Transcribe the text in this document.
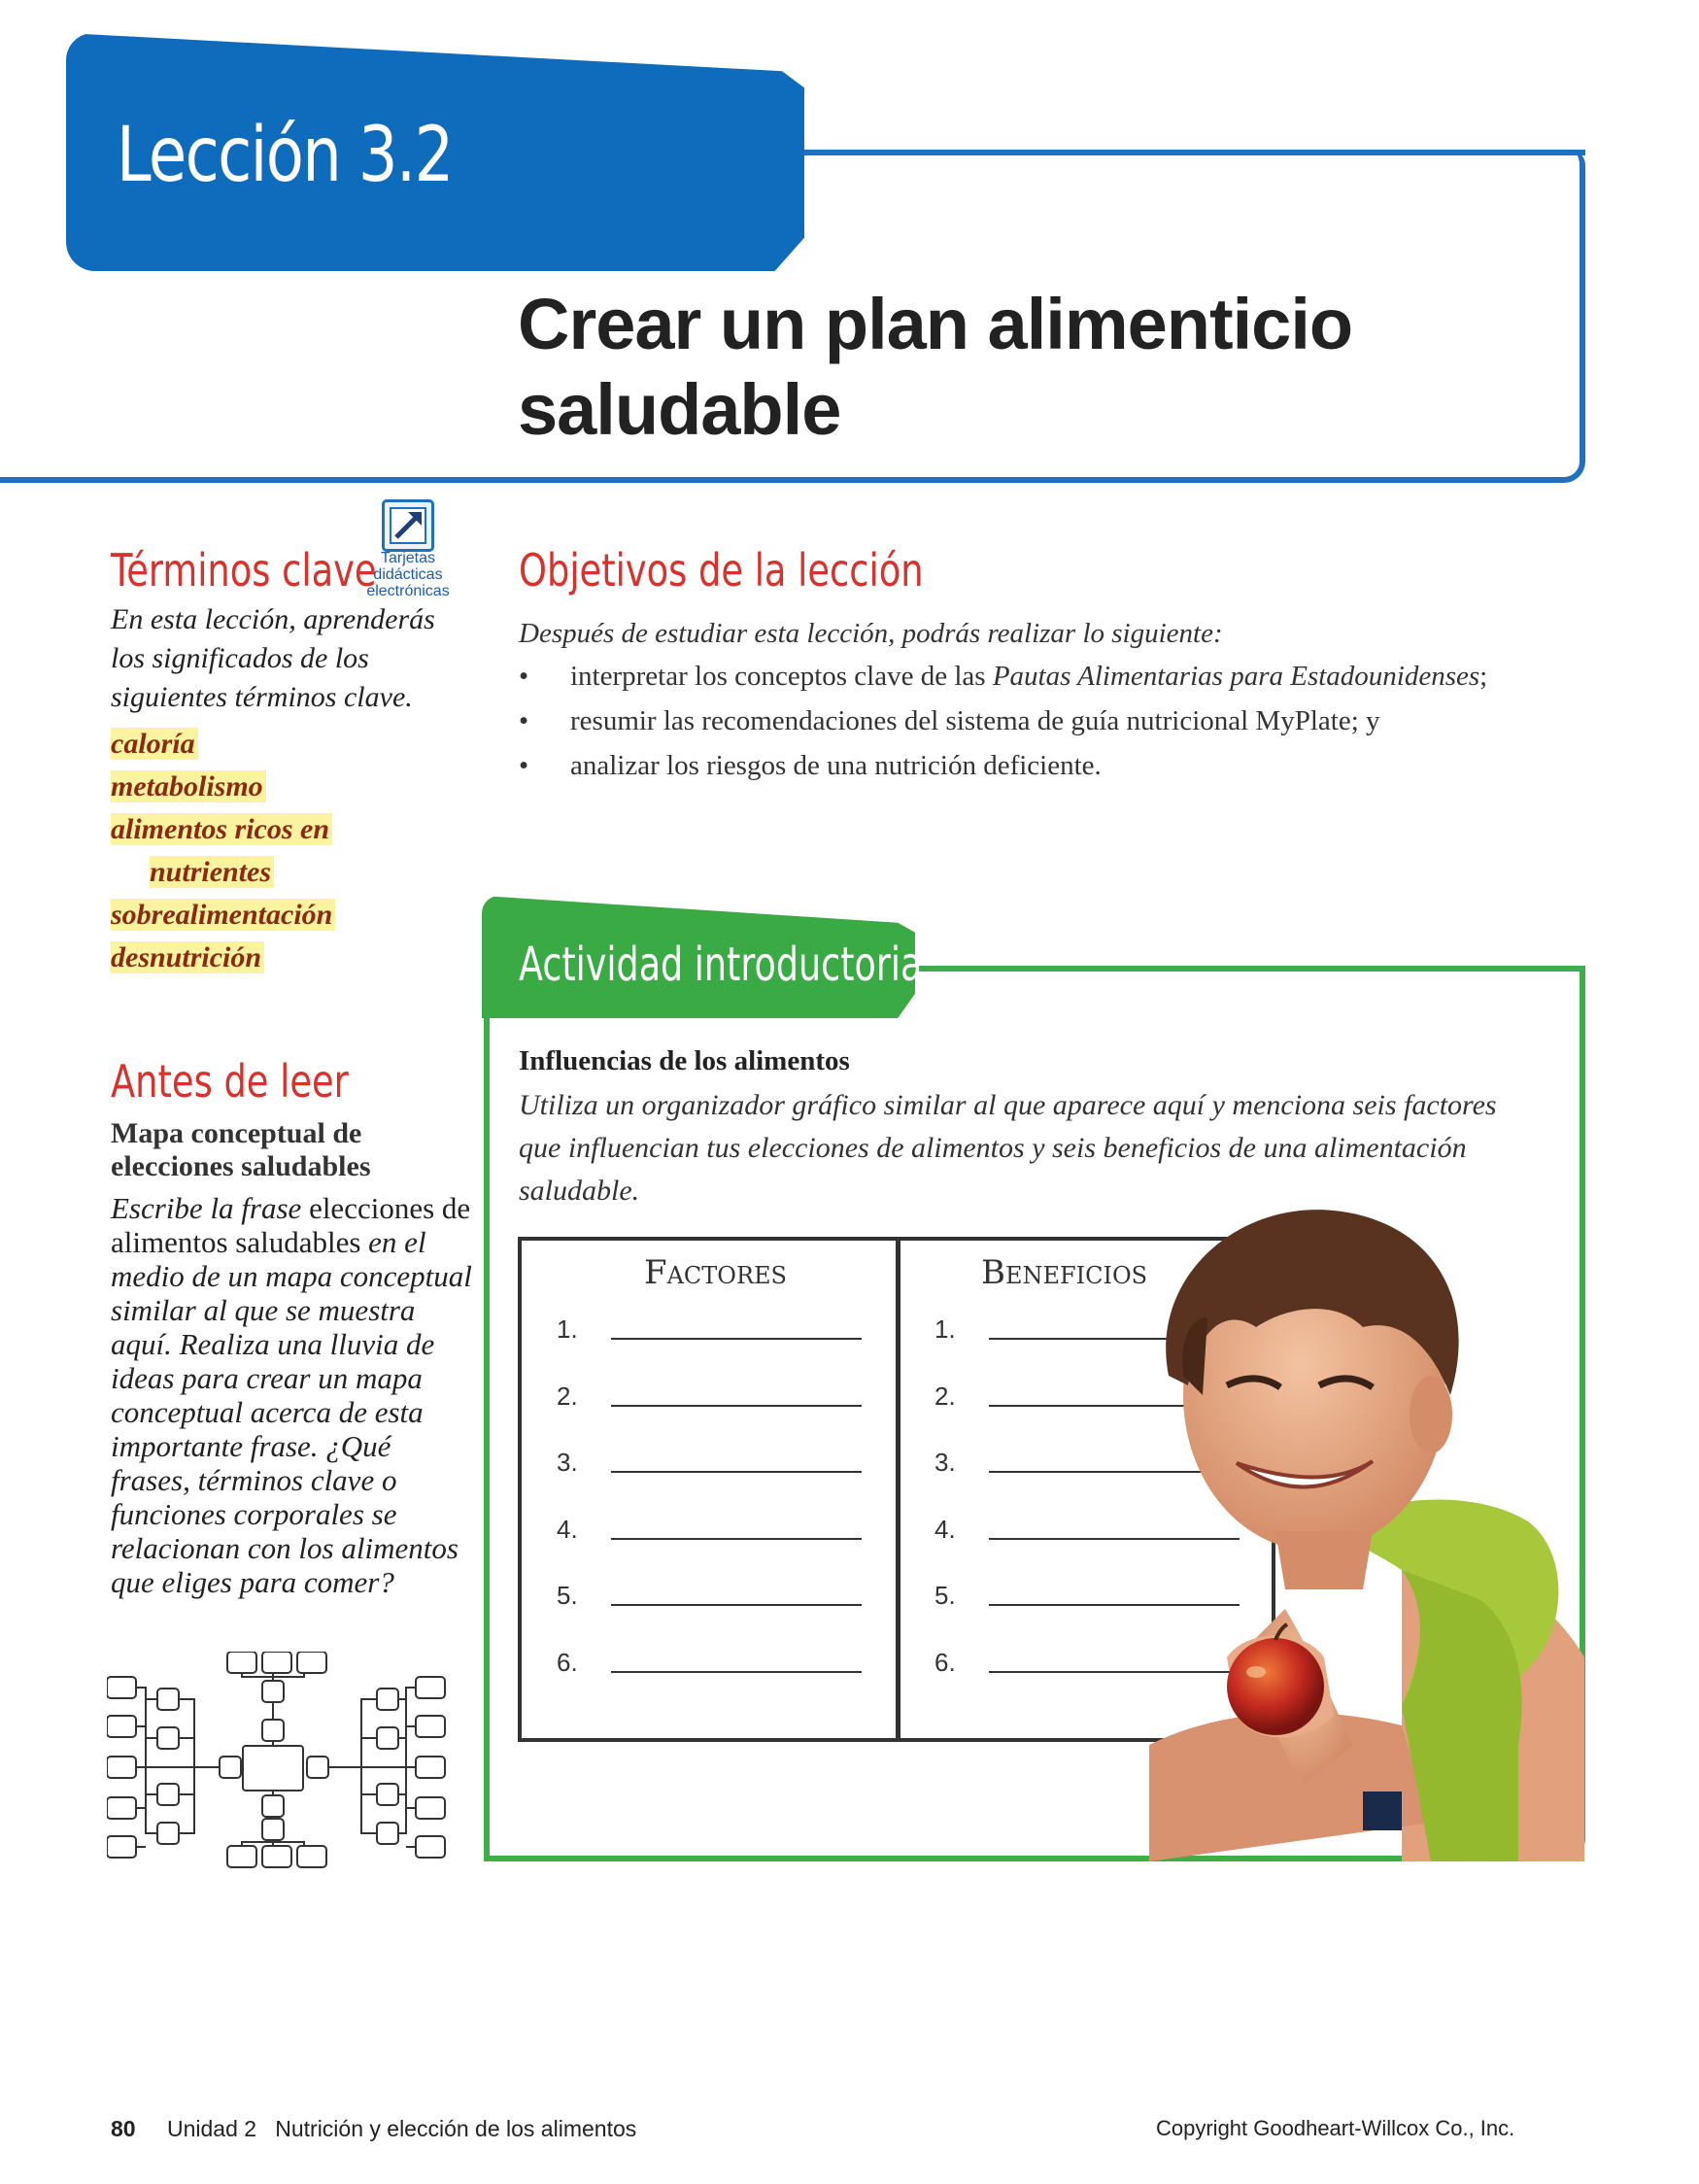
Lección 3.2
Crear un plan alimenticio saludable
Términos clave Tarjetas didácticas electrónicas
En esta lección, aprenderás los significados de los siguientes términos clave.
caloría
metabolismo
alimentos ricos en
nutrientes
sobrealimentación
desnutrición
Antes de leer
Mapa conceptual de elecciones saludables
Escribe la frase elecciones de alimentos saludables en el medio de un mapa conceptual similar al que se muestra aquí. Realiza una lluvia de ideas para crear un mapa conceptual acerca de esta importante frase. ¿Qué frases, términos clave o funciones corporales se relacionan con los alimentos que eliges para comer?
Objetivos de la lección
Después de estudiar esta lección, podrás realizar lo siguiente:
• interpretar los conceptos clave de las Pautas Alimentarias para Estadounidenses;
• resumir las recomendaciones del sistema de guía nutricional MyPlate; y
• analizar los riesgos de una nutrición deficiente.
Actividad introductoria
Influencias de los alimentos
Utiliza un organizador gráfico similar al que aparece aquí y menciona seis factores que influencian tus elecciones de alimentos y seis beneficios de una alimentación saludable.
Factores	Beneficios
1.
2.
3.
4.
5.
6.
1.
2.
3.
4.
5.
6.
80 Unidad 2   Nutrición y elección de los alimentos	Copyright Goodheart-Willcox Co., Inc.
